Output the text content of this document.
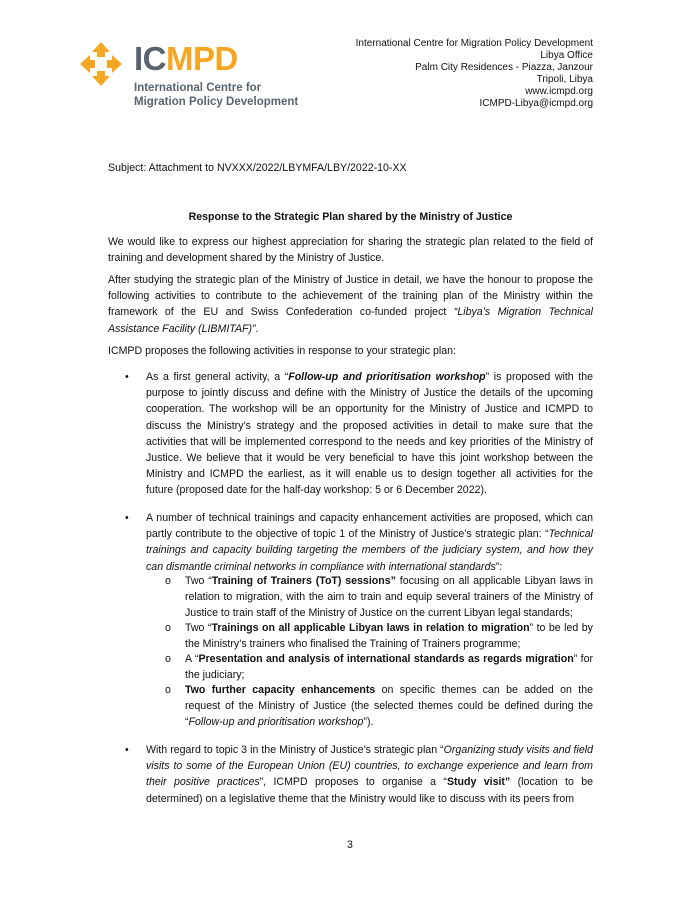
ICMPD
International Centre for
Migration Policy Development
International Centre for Migration Policy Development
Libya Office
Palm City Residences - Piazza, Janzour
Tripoli, Libya
www.icmpd.org
ICMPD-Libya@icmpd.org
Subject: Attachment to NVXXX/2022/LBYMFA/LBY/2022-10-XX
Response to the Strategic Plan shared by the Ministry of Justice
We would like to express our highest appreciation for sharing the strategic plan related to the field of training and development shared by the Ministry of Justice.
After studying the strategic plan of the Ministry of Justice in detail, we have the honour to propose the following activities to contribute to the achievement of the training plan of the Ministry within the framework of the EU and Swiss Confederation co-funded project “Libya’s Migration Technical Assistance Facility (LIBMITAF)”.
ICMPD proposes the following activities in response to your strategic plan:
• As a first general activity, a “Follow-up and prioritisation workshop” is proposed with the purpose to jointly discuss and define with the Ministry of Justice the details of the upcoming cooperation. The workshop will be an opportunity for the Ministry of Justice and ICMPD to discuss the Ministry’s strategy and the proposed activities in detail to make sure that the activities that will be implemented correspond to the needs and key priorities of the Ministry of Justice. We believe that it would be very beneficial to have this joint workshop between the Ministry and ICMPD the earliest, as it will enable us to design together all activities for the future (proposed date for the half-day workshop: 5 or 6 December 2022).
• A number of technical trainings and capacity enhancement activities are proposed, which can partly contribute to the objective of topic 1 of the Ministry of Justice’s strategic plan: “Technical trainings and capacity building targeting the members of the judiciary system, and how they can dismantle criminal networks in compliance with international standards”:
o Two “Training of Trainers (ToT) sessions” focusing on all applicable Libyan laws in relation to migration, with the aim to train and equip several trainers of the Ministry of Justice to train staff of the Ministry of Justice on the current Libyan legal standards;
o Two “Trainings on all applicable Libyan laws in relation to migration” to be led by the Ministry’s trainers who finalised the Training of Trainers programme;
o A “Presentation and analysis of international standards as regards migration” for the judiciary;
o Two further capacity enhancements on specific themes can be added on the request of the Ministry of Justice (the selected themes could be defined during the “Follow-up and prioritisation workshop”).
• With regard to topic 3 in the Ministry of Justice’s strategic plan “Organizing study visits and field visits to some of the European Union (EU) countries, to exchange experience and learn from their positive practices”, ICMPD proposes to organise a “Study visit” (location to be determined) on a legislative theme that the Ministry would like to discuss with its peers from
3
